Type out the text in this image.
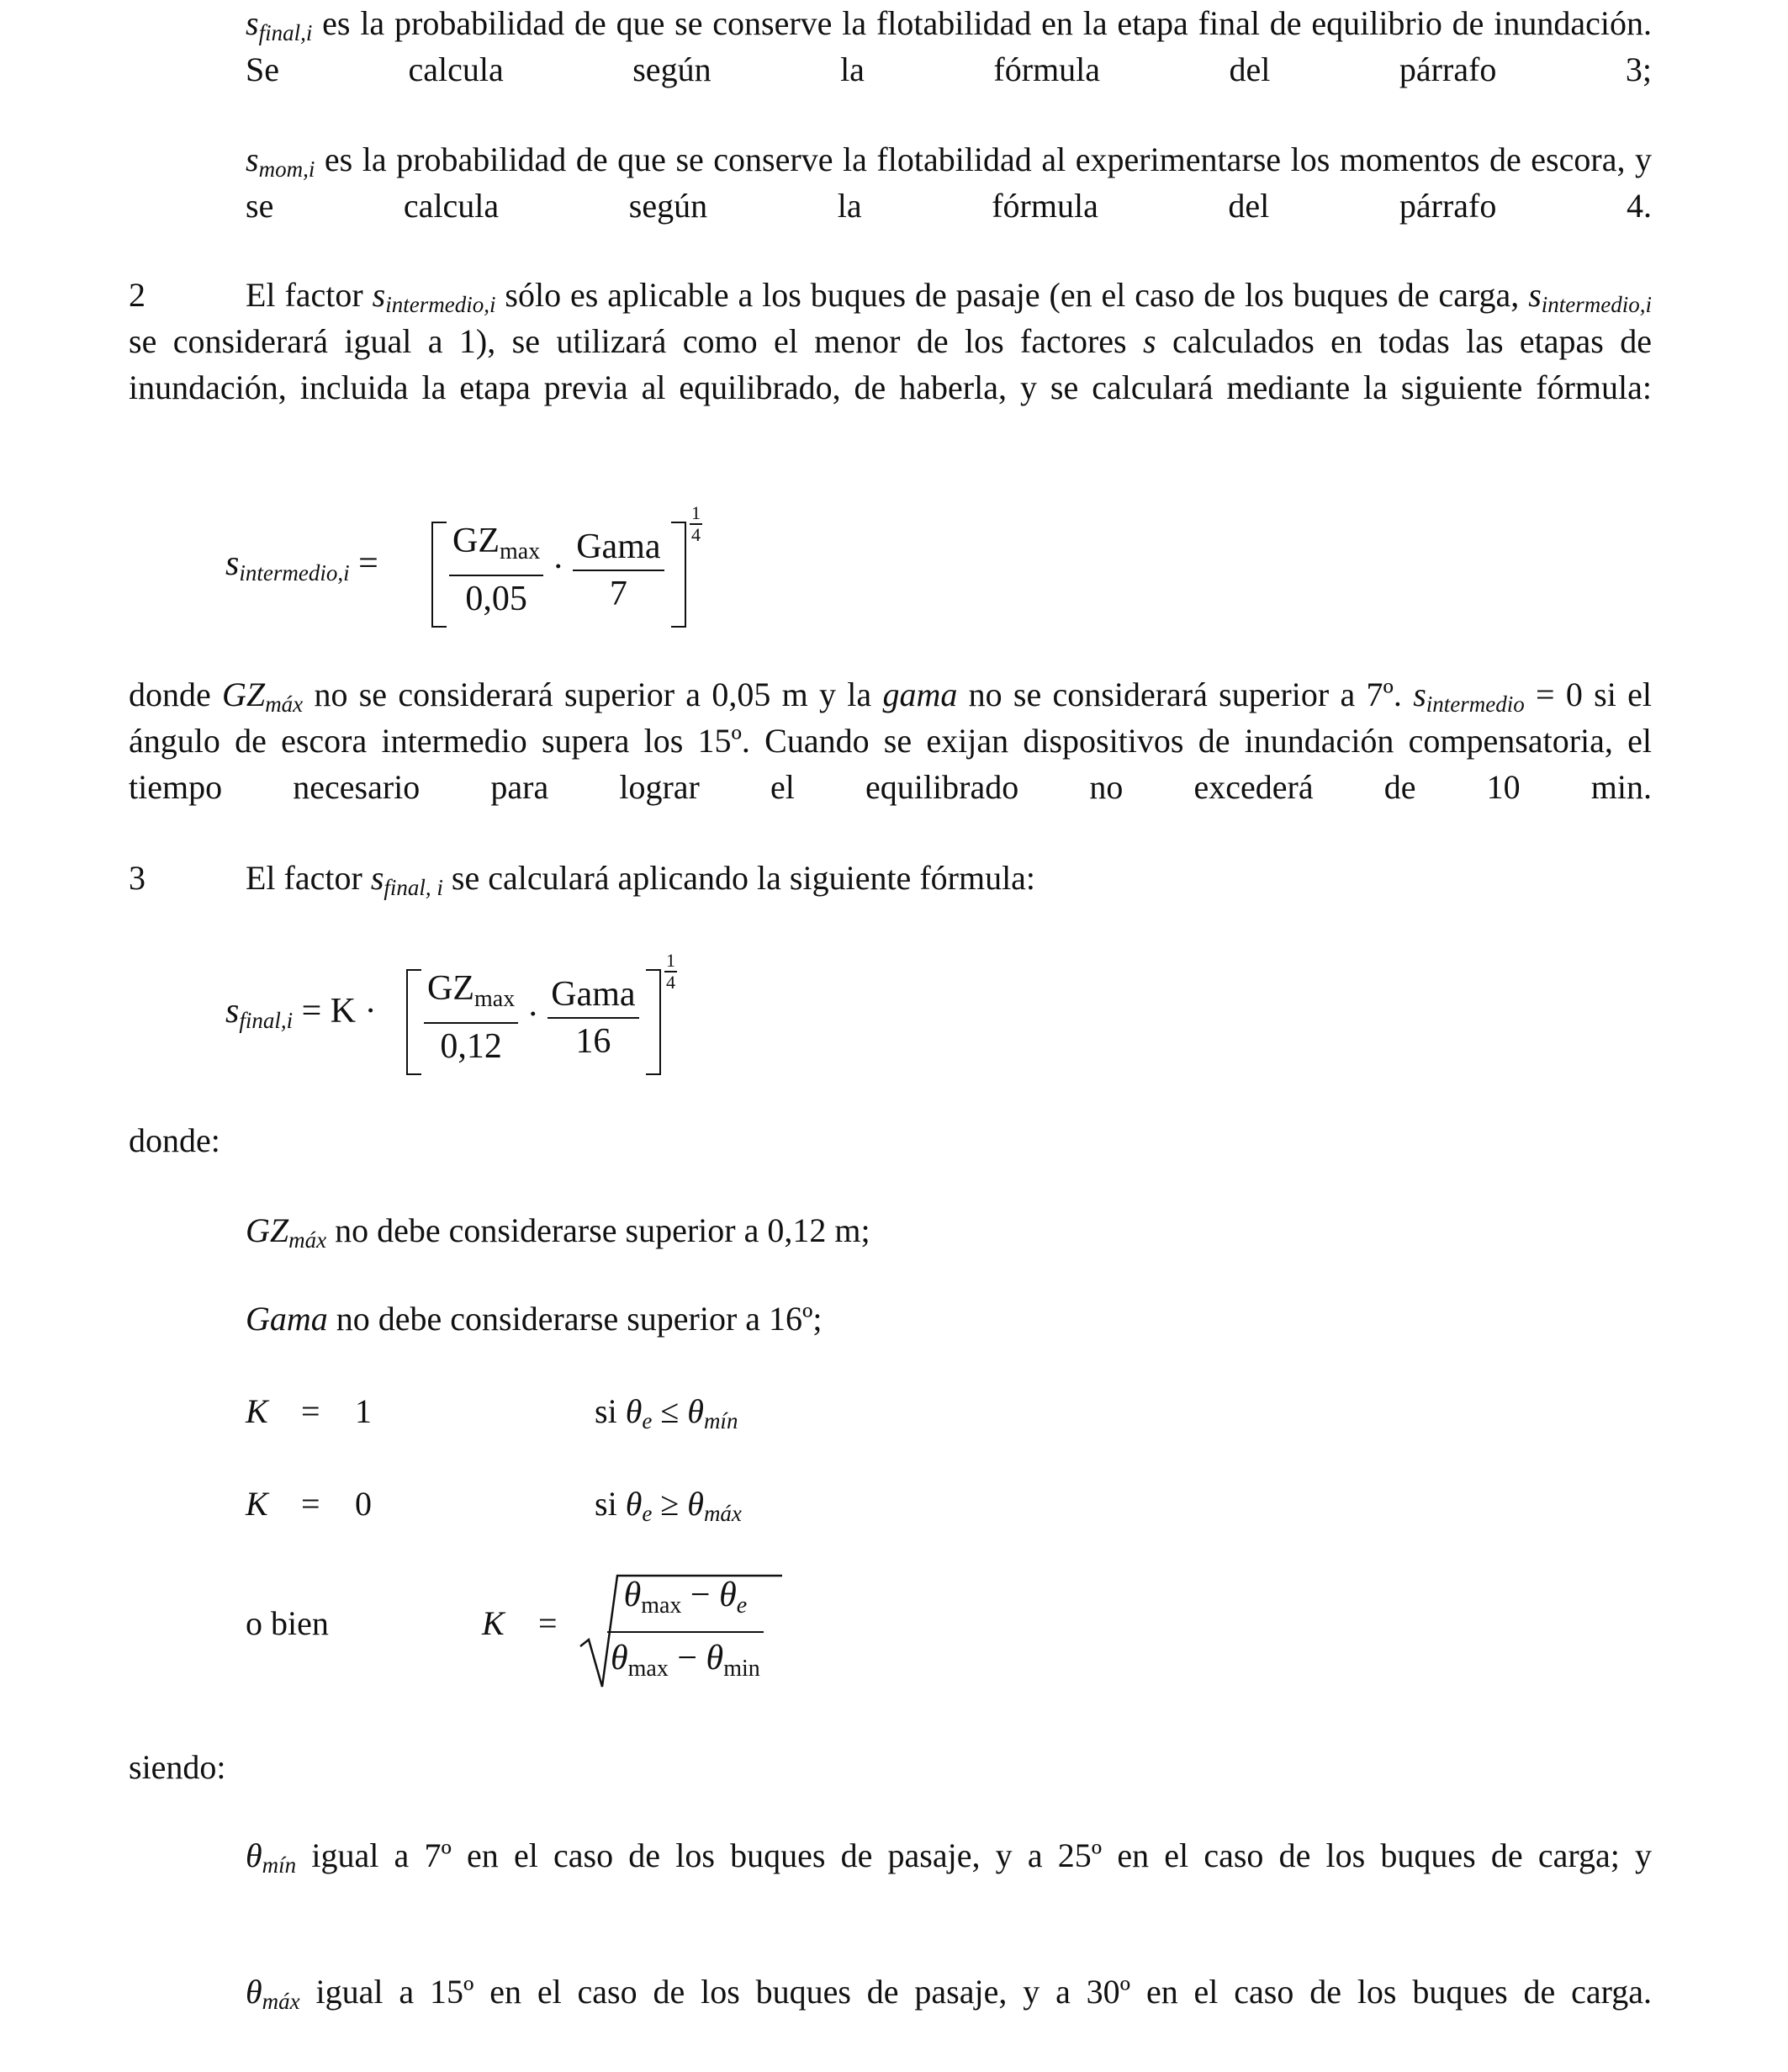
$s_{final,i}$ es la probabilidad de que se conserve la flotabilidad en la etapa final de equilibrio de inundación. Se calcula según la fórmula del párrafo 3;
$s_{mom,i}$ es la probabilidad de que se conserve la flotabilidad al experimentarse los momentos de escora, y se calcula según la fórmula del párrafo 4.
2	El factor $s_{intermedio,i}$ sólo es aplicable a los buques de pasaje (en el caso de los buques de carga, $s_{intermedio,i}$ se considerará igual a 1), se utilizará como el menor de los factores s calculados en todas las etapas de inundación, incluida la etapa previa al equilibrado, de haberla, y se calculará mediante la siguiente fórmula:
$s_{intermedio,i} = \frac{GZmax}{0,05} \cdot \frac{\text{Gama}}{7}$
$\frac{1}{4}$
donde $GZ_{máx}$ no se considerará superior a 0,05 m y la gama no se considerará superior a 7º. $s_{intermedio} = 0$ si el ángulo de escora intermedio supera los 15º. Cuando se exijan dispositivos de inundación compensatoria, el tiempo necesario para lograr el equilibrado no excederá de 10 min.
3	El factor $s_{final, i}$ se calculará aplicando la siguiente fórmula:
$s_{final,i} = K \cdot \frac{GZmax}{0,12} \cdot \frac{\text{Gama}}{16}$
$\frac{1}{4}$
donde:
$GZ_{máx}$ no debe considerarse superior a 0,12 m;
Gama no debe considerarse superior a 16º;
K = 1	si $\theta_e \le \theta_{mín}$
K = 0	si $\theta_e \ge \theta_{máx}$
o bien	$K = \frac{\theta\max - \theta e}{\theta\max - \theta\min}$
siendo:
$\theta_{mín}$ igual a 7º en el caso de los buques de pasaje, y a 25º en el caso de los buques de carga; y
$\theta_{máx}$ igual a 15º en el caso de los buques de pasaje, y a 30º en el caso de los buques de carga.
